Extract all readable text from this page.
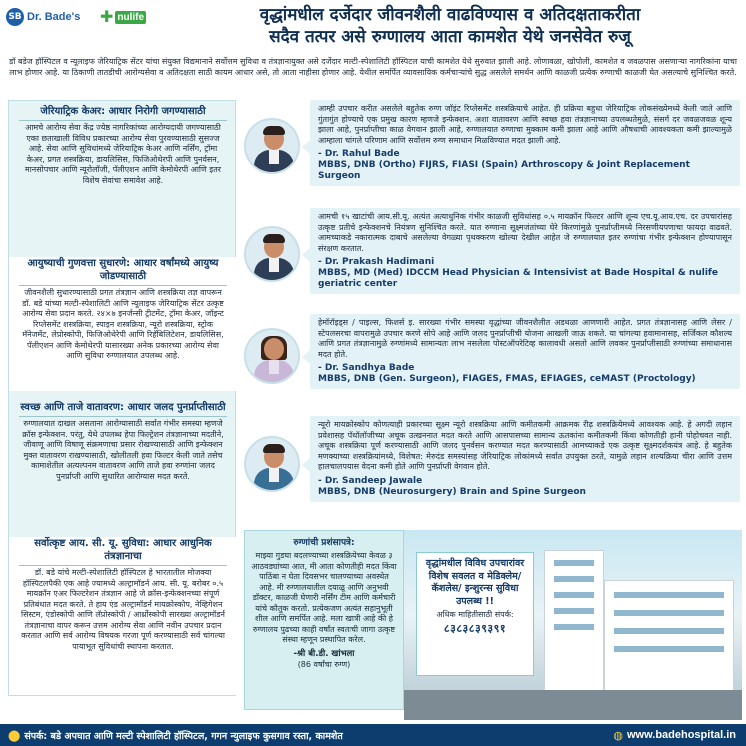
SB Dr. Bade's ✚ nulife	वृद्धांमधील दर्जेदार जीवनशैली वाढविण्यास व अतिदक्षताकरीता
सदैव तत्पर असे रुग्णालय आता कामशेत येथे जनसेवेत रुजू
डॉ बडेज हॉस्पिटल व न्यूलाइफ जेरियाट्रिक सेंटर यांचा संयुक्त विद्यमानाने सर्वोत्तम सुविधा व तंत्रज्ञानायुक्त असे दर्जेदार मल्टी-स्पेशालिटी हॉस्पिटल याची कामशेत येथे सुरुवात झाली आहे. लोणावळा, खोपोली, कामशेत व जवळपास असणाऱ्या नागरिकांना याचा लाभ होणार आहे. या ठिकाणी तातडीची आरोग्यसेवा व अतिदक्षता साठी कायम आधार असे, तो आता नाहीसा होणार आहे. येथील समर्पित व्यावसायिक कर्मचाऱ्यांचे सुद्ध असलेले समर्थन आणि काळजी प्रत्येक रुग्णाची काळजी घेत असल्याचे सुनिश्चित करते.
जेरियाट्रिक केअर: आधार निरोगी जगण्यासाठी

आमचे आरोग्य सेवा केंद्र ज्येष्ठ नागरिकांच्या आरोग्यदायी जगण्यासाठी एका छताखाली विविध प्रकारच्या आरोग्य सेवा पुरवण्यासाठी सुसज्ज आहे. सेवा आणि सुविधांमध्ये जेरियाट्रिक केअर आणि नर्सिंग, ट्रॉमा केअर, प्रगत शस्त्रक्रिया, डायलिसिस, फिजिओथेरपी आणि पुनर्वसन, मानसोपचार आणि न्यूरोलॉजी, पॅलीएशन आणि केमोथेरपी आणि इतर विशेष सेवांचा समावेश आहे.

आयुष्याची गुणवत्ता सुधारणे: आधार वर्षांमध्ये आयुष्य जोडण्यासाठी

जीवनशैली सुधारण्यासाठी प्रगत तंत्रज्ञान आणि शस्त्रक्रिया तज्ञ वापरून डॉ. बडे यांच्या मल्टी-स्पेशालिटी आणि न्यूलाइफ जेरियाट्रिक सेंटर उत्कृष्ट आरोग्य सेवा प्रदान करते. २४×७ इनर्जन्सी ट्रीटमेंट, ट्रॉमा केअर, जॉइन्ट रिप्लेसमेंट शस्त्रक्रिया, स्पाइन शस्त्रक्रिया, न्यूरो शस्त्रक्रिया, स्ट्रोक मॅनेजमेंट, लेप्रोस्कोपी, फिजिओथेरेपी आणि रिहॅबिलिटेशन, डायलिसिस, पॅलीएशन आणि केमोथेरपी यासारख्या अनेक प्रकारच्या आरोग्य सेवा आणि सुविधा रुग्णालयात उपलब्ध आहे.

स्वच्छ आणि ताजे वातावरण: आधार जलद पुनर्प्राप्तीसाठी

रुग्णालयात दाखल असताना आरोग्यासाठी सर्वात गंभीर समस्या म्हणजे क्रॉस इन्फेक्शन. परंतु, येथे उपलब्ध हेपा फिल्ट्रेशन तंत्रज्ञानाच्या मदतीने, जीवाणू आणि विषाणू संक्रमणाचा प्रसार रोखण्यासाठी आणि इन्फेक्शन मुक्त वातावरण राखण्यासाठी, खोलीतली हवा फिल्टर केली जाते तसेच कामाशेतील अत्यल्पनम वातावरण आणि ताजे हवा रुग्णांना जलद पुनर्प्राप्ती आणि सुधारित आरोग्यास मदत करते.

सर्वोत्कृष्ट आय. सी. यू. सुविधा: आधार आधुनिक तंत्रज्ञानाचा

डॉ. बडे यांचे मल्टी-स्पेशालिटी हॉस्पिटल हे भारतातील मोजक्या हॉस्पिटलपैकी एक आहे ज्यामध्ये अल्ट्रामॉडर्न आय. सी. यू. बरोबर ०.५ मायक्रॉन एअर फिल्टरेशन तंत्रज्ञान आहे जे क्रॉस-इन्फेक्शनच्या संपूर्ण प्रतिबंधात मदत करते. ते हाय एंड अल्ट्रामॉडर्न मायक्रोस्कोप, नेव्हिगेशन सिस्टम, एंडोस्कोपी आणि लॅप्रोस्कोपी / आर्थ्रोस्कोपी सारख्या अल्ट्रामॉडर्न तंत्रज्ञानाचा वापर करून उत्तम आरोग्य सेवा आणि नवीन उपचार प्रदान करतात आणि सर्व आरोग्य विषयक गरजा पूर्ण करण्यासाठी सर्व चांगल्या पायाभूत सुविधांची स्थापना करतात.

आम्ही उपचार करीत असलेले बहुतेक रुग्ण जॉइंट रिप्लेसमेंट शस्त्रक्रियाचे आहेत. ही प्रक्रिया बहुधा जेरियाट्रिक लोकसंख्येमध्ये केली जाते आणि गुंतागुंत होण्याचे एक प्रमुख कारण म्हणजे इन्फेक्शन. अशा वातावरण आणि स्वच्छ हवा तंत्रज्ञानाच्या उपलब्धतेमुळे, संसर्ग दर जवळजवळ शून्य झाला आहे, पुनर्प्राप्तीचा काळ वेगवान झाली आहे, रुग्णालयात रुग्णाचा मुक्काम कमी झाला आहे आणि औषधाची आवश्यकता कमी झाल्यामुळे आम्हाला चांगले परिणाम आणि सर्वोत्तम रुग्ण समाधान मिळविण्यात मदत झाली आहे.

- Dr. Rahul Bade
MBBS, DNB (Ortho) FIJRS, FIASI (Spain) Arthroscopy & Joint Replacement Surgeon

आमची १५ खाटांची आय.सी.यू. अत्यंत अत्याधुनिक गंभीर काळजी सुविधांसह ०.५ मायक्रॉन फिल्टर आणि शून्य एच.यू.आय.एच. दर उपचारांसह उत्कृष्ट प्रतीचे इन्फेक्शनचे नियंत्रण सुनिश्चित करते. यात रुग्णाना सूक्ष्मजंतांच्या घेरे किरणांमुळे पुनर्प्राप्तीमध्ये निरसणीयपणाचा फायदा वाढवते. आमच्याकडे नकारात्मक दाबाचे असलेल्या वेगळ्या पृथक्करण खोल्या देखील आहेत जे रुग्णालयात इतर रुग्णांचा गंभीर इन्फेक्शन होण्यापासून संरक्षण करतात.

- Dr. Prakash Hadimani
MBBS, MD (Med) IDCCM Head Physician & Intensivist at Bade Hospital & nulife geriatric center

हेमॉरॉइड्स / पाइल्स, फिशर्स इ. सारख्या गंभीर समस्या वृद्धांच्या जीवनशैलीत अडथळा आणणारी आहेत. प्रगत तंत्रज्ञानासह आणि लेसर / स्टेपलसरचा वापरामुळे उपचार करणे सोपे आहे आणि जलद पुनर्प्राप्तीची योजना आखली जाऊ शकते. या चांगल्या हवामानासह, सर्जिकल कौशल्य आणि प्रगत तंत्रज्ञानामुळे रुग्णांमध्ये सामान्यतः लाभ नसलेला पोस्टऑपरेटिव्ह कालावधी असतो आणि लवकर पुनर्प्राप्तीसाठी रुग्णांच्या समाधानास मदत होते.

- Dr. Sandhya Bade
MBBS, DNB (Gen. Surgeon), FIAGES, FMAS, EFIAGES, ceMAST (Proctology)

न्यूरो मायक्रोस्कोप कोणत्याही प्रकारच्या सूक्ष्म न्यूरो शस्त्रक्रिया आणि कमीतकमी आक्रमक रीढ़ शस्त्रक्रियेमध्ये आवश्यक आहे. हे अगदी लहान प्रवेशासह पॅथॉलॉजीच्या अचूक उत्खननात मदत करते आणि आसपासच्या सामान्य ऊतकांना कमीतकमी किंवा कोणतीही हानी पोहोचवत नाही. अचूक शस्त्रक्रिया पूर्ण करण्यासाठी आणि जलद पुनर्वसन करण्यात मदत करण्यासाठी आमच्याकडे एक उत्कृष्ट सूक्ष्मदर्शकयंत्र आहे. हे बहुतेक मणक्याच्या शस्त्रक्रियांमध्ये, विशेषत: मेरुदंड समस्यांसह जेरियाट्रिक लोकांमध्ये सर्वात उपयुक्त ठरते, यामुळे लहान शल्यक्रिया चीरा आणि उत्तम हालचालपयास वेदना कमी होते आणि पुनर्प्राप्ती वेगवान होते.

- Dr. Sandeep Jawale
MBBS, DNB (Neurosurgery) Brain and Spine Surgeon
रुग्णांची प्रशंसापत्रे:

माझ्या गुडघा बदलण्याच्या शस्त्रक्रियेच्या केवळ ३ आठवड्यांच्या आत, मी आता कोणतीही मदत किंवा पाठिंबा न घेता दिवसभर चालण्याच्या अवस्थेत आहे. मी रुग्णालयातील दयाळू आणि अनुभवी डॉक्टर, काळजी घेणारी नर्सिंग टीम आणि कर्मचारी यांचे कौतुक करतो. प्रत्येकजण अत्यंत सहानुभूती शील आणि समर्पित आहे. मला खात्री आहे की हे रुग्णालय पुढच्या काही वर्षांत स्वतःची जागा उत्कृष्ट संस्था म्हणून प्रस्थापित करेल.

-श्री बी.डी. खांभला
(86 वर्षांचा रुग्ण)
वृद्धांमधील विविध उपचारांवर विशेष सवलत व मेडिक्लेम/ कॅशलेस/ इन्शुरन्स सुविधा उपलब्ध !!
अधिक माहितीसाठी संपर्क:
८३८३८३९३९१
⬤ संपर्क: बडे अपघात आणि मल्टी स्पेशालिटी हॉस्पिटल, गगन न्युलाइफ कुसगाव रस्ता, कामशेत	◍ www.badehospital.in
